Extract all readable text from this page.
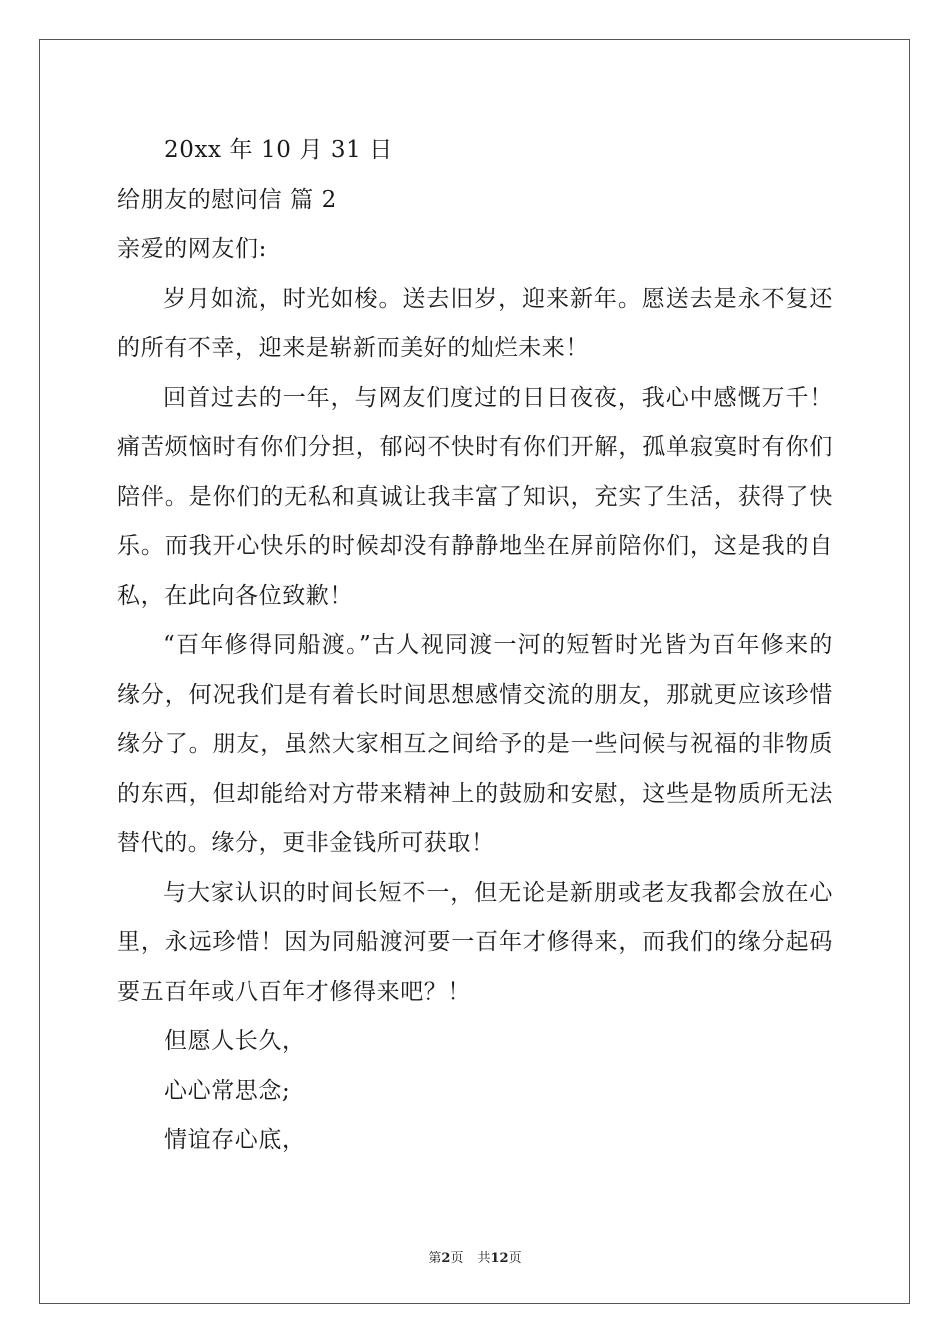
20xx 年 10 月 31 日
给朋友的慰问信 篇 2
亲爱的网友们:

岁月如流，时光如梭。送去旧岁，迎来新年。愿送去是永不复还的所有不幸，迎来是崭新而美好的灿烂未来！

回首过去的一年，与网友们度过的日日夜夜，我心中感慨万千！痛苦烦恼时有你们分担，郁闷不快时有你们开解，孤单寂寞时有你们陪伴。是你们的无私和真诚让我丰富了知识，充实了生活，获得了快乐。而我开心快乐的时候却没有静静地坐在屏前陪你们，这是我的自私，在此向各位致歉！

“百年修得同船渡。”古人视同渡一河的短暂时光皆为百年修来的缘分，何况我们是有着长时间思想感情交流的朋友，那就更应该珍惜缘分了。朋友，虽然大家相互之间给予的是一些问候与祝福的非物质的东西，但却能给对方带来精神上的鼓励和安慰，这些是物质所无法替代的。缘分，更非金钱所可获取！

与大家认识的时间长短不一，但无论是新朋或老友我都会放在心里，永远珍惜！因为同船渡河要一百年才修得来，而我们的缘分起码要五百年或八百年才修得来吧？！

但愿人长久，
心心常思念;
情谊存心底，
第2页 共12页
